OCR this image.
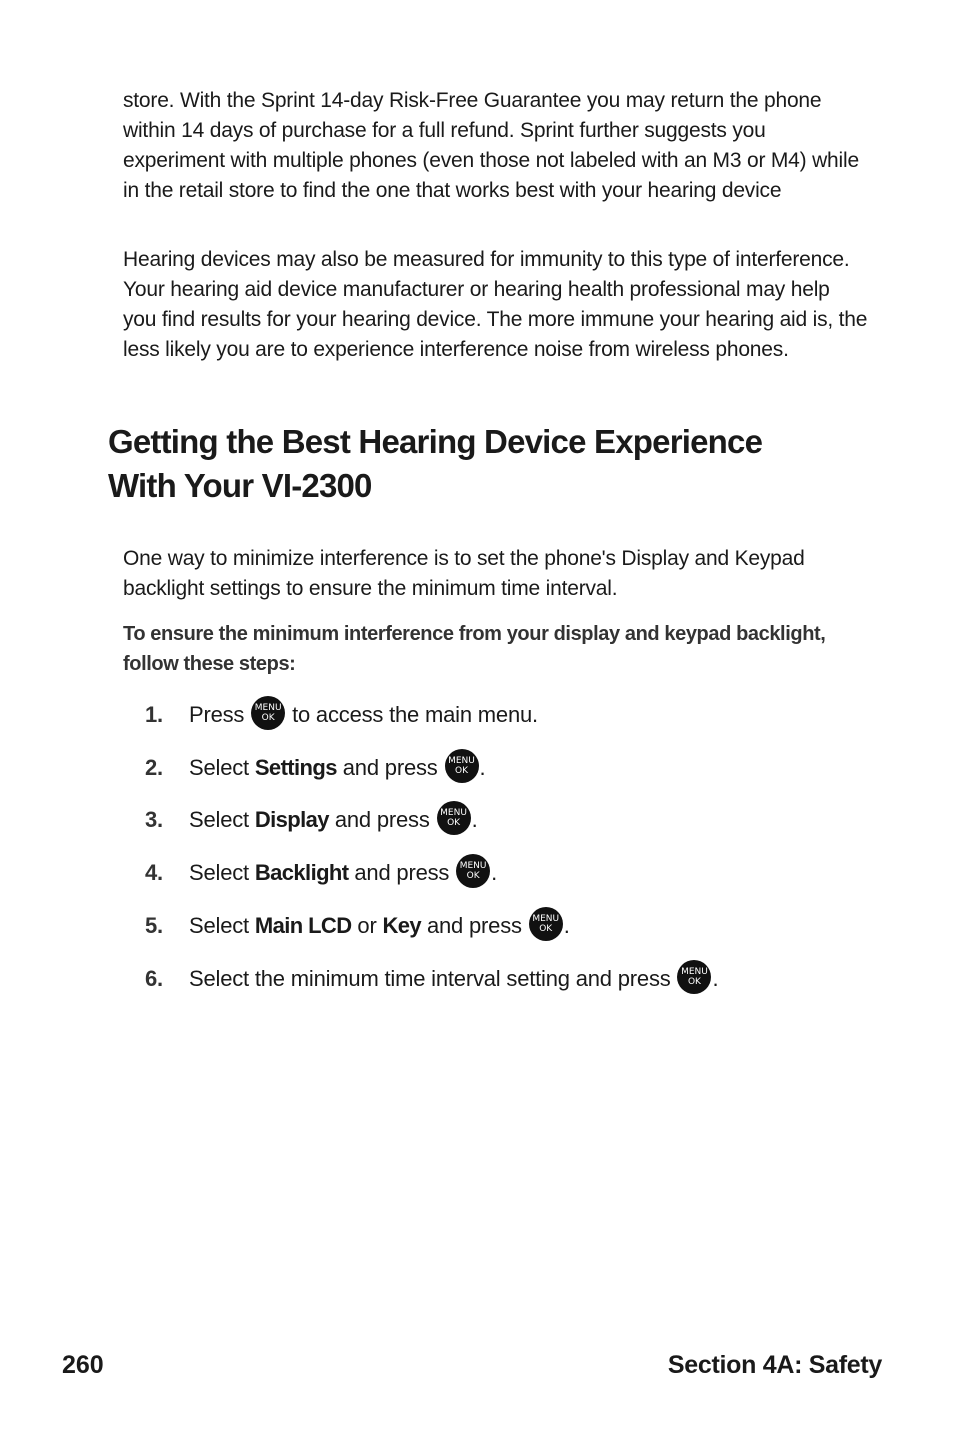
store. With the Sprint 14-day Risk-Free Guarantee you may return the phone within 14 days of purchase for a full refund. Sprint further suggests you experiment with multiple phones (even those not labeled with an M3 or M4) while in the retail store to find the one that works best with your hearing device

Hearing devices may also be measured for immunity to this type of interference. Your hearing aid device manufacturer or hearing health professional may help you find results for your hearing device. The more immune your hearing aid is, the less likely you are to experience interference noise from wireless phones.

Getting the Best Hearing Device Experience
With Your VI-2300

One way to minimize interference is to set the phone's Display and Keypad backlight settings to ensure the minimum time interval.

To ensure the minimum interference from your display and keypad backlight, follow these steps:

1. Press MENU
OK to access the main menu.
2. Select Settings and press MENU
OK .
3. Select Display and press MENU
OK .
4. Select Backlight and press MENU
OK .
5. Select Main LCD or Key and press MENU
OK .
6. Select the minimum time interval setting and press MENU
OK .
260	Section 4A: Safety
